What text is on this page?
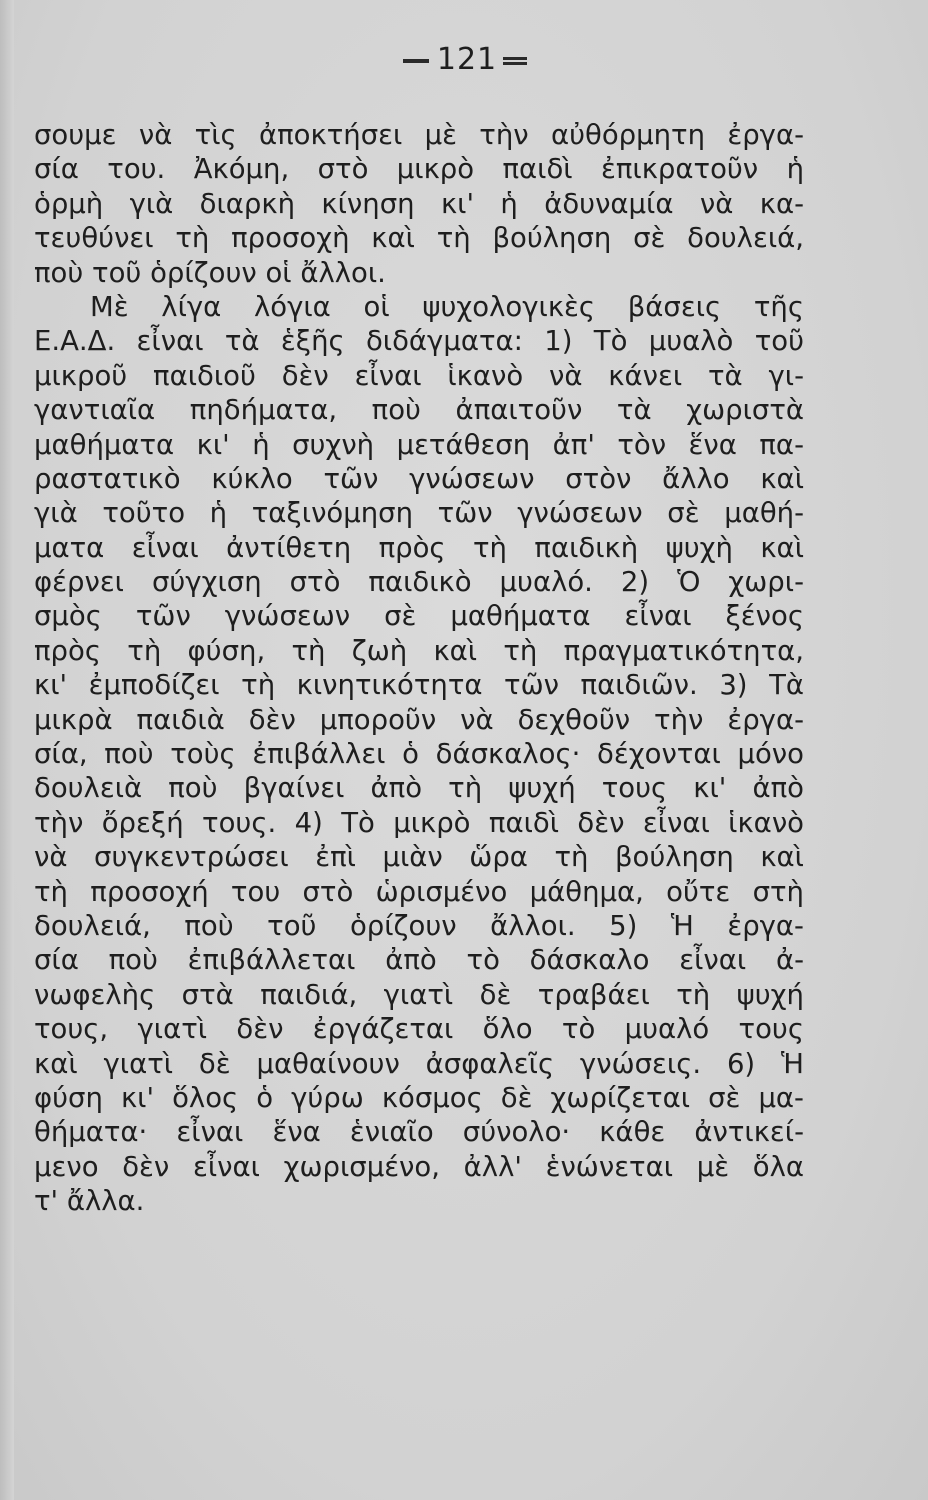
121
σουμε νὰ τὶς ἀποκτήσει μὲ τὴν αὐθόρμητη ἐργα-
σία του. Ἀκόμη, στὸ μικρὸ παιδὶ ἐπικρατοῦν ἡ
ὁρμὴ γιὰ διαρκὴ κίνηση κι' ἡ ἀδυναμία νὰ κα-
τευθύνει τὴ προσοχὴ καὶ τὴ βούληση σὲ δουλειά,
ποὺ τοῦ ὁρίζουν οἱ ἄλλοι.
Μὲ λίγα λόγια οἱ ψυχολογικὲς βάσεις τῆς
Ε.Α.Δ. εἶναι τὰ ἑξῆς διδάγματα: 1) Τὸ μυαλὸ τοῦ
μικροῦ παιδιοῦ δὲν εἶναι ἱκανὸ νὰ κάνει τὰ γι-
γαντιαῖα πηδήματα, ποὺ ἀπαιτοῦν τὰ χωριστὰ
μαθήματα κι' ἡ συχνὴ μετάθεση ἀπ' τὸν ἕνα πα-
ραστατικὸ κύκλο τῶν γνώσεων στὸν ἄλλο καὶ
γιὰ τοῦτο ἡ ταξινόμηση τῶν γνώσεων σὲ μαθή-
ματα εἶναι ἀντίθετη πρὸς τὴ παιδικὴ ψυχὴ καὶ
φέρνει σύγχιση στὸ παιδικὸ μυαλό. 2) Ὁ χωρι-
σμὸς τῶν γνώσεων σὲ μαθήματα εἶναι ξένος
πρὸς τὴ φύση, τὴ ζωὴ καὶ τὴ πραγματικότητα,
κι' ἐμποδίζει τὴ κινητικότητα τῶν παιδιῶν. 3) Τὰ
μικρὰ παιδιὰ δὲν μποροῦν νὰ δεχθοῦν τὴν ἐργα-
σία, ποὺ τοὺς ἐπιβάλλει ὁ δάσκαλος· δέχονται μόνο
δουλειὰ ποὺ βγαίνει ἀπὸ τὴ ψυχή τους κι' ἀπὸ
τὴν ὄρεξή τους. 4) Τὸ μικρὸ παιδὶ δὲν εἶναι ἱκανὸ
νὰ συγκεντρώσει ἐπὶ μιὰν ὥρα τὴ βούληση καὶ
τὴ προσοχή του στὸ ὡρισμένο μάθημα, οὔτε στὴ
δουλειά, ποὺ τοῦ ὁρίζουν ἄλλοι. 5) Ἡ ἐργα-
σία ποὺ ἐπιβάλλεται ἀπὸ τὸ δάσκαλο εἶναι ἀ-
νωφελὴς στὰ παιδιά, γιατὶ δὲ τραβάει τὴ ψυχή
τους, γιατὶ δὲν ἐργάζεται ὅλο τὸ μυαλό τους
καὶ γιατὶ δὲ μαθαίνουν ἀσφαλεῖς γνώσεις. 6) Ἡ
φύση κι' ὅλος ὁ γύρω κόσμος δὲ χωρίζεται σὲ μα-
θήματα· εἶναι ἕνα ἑνιαῖο σύνολο· κάθε ἀντικεί-
μενο δὲν εἶναι χωρισμένο, ἀλλ' ἑνώνεται μὲ ὅλα
τ' ἄλλα.
